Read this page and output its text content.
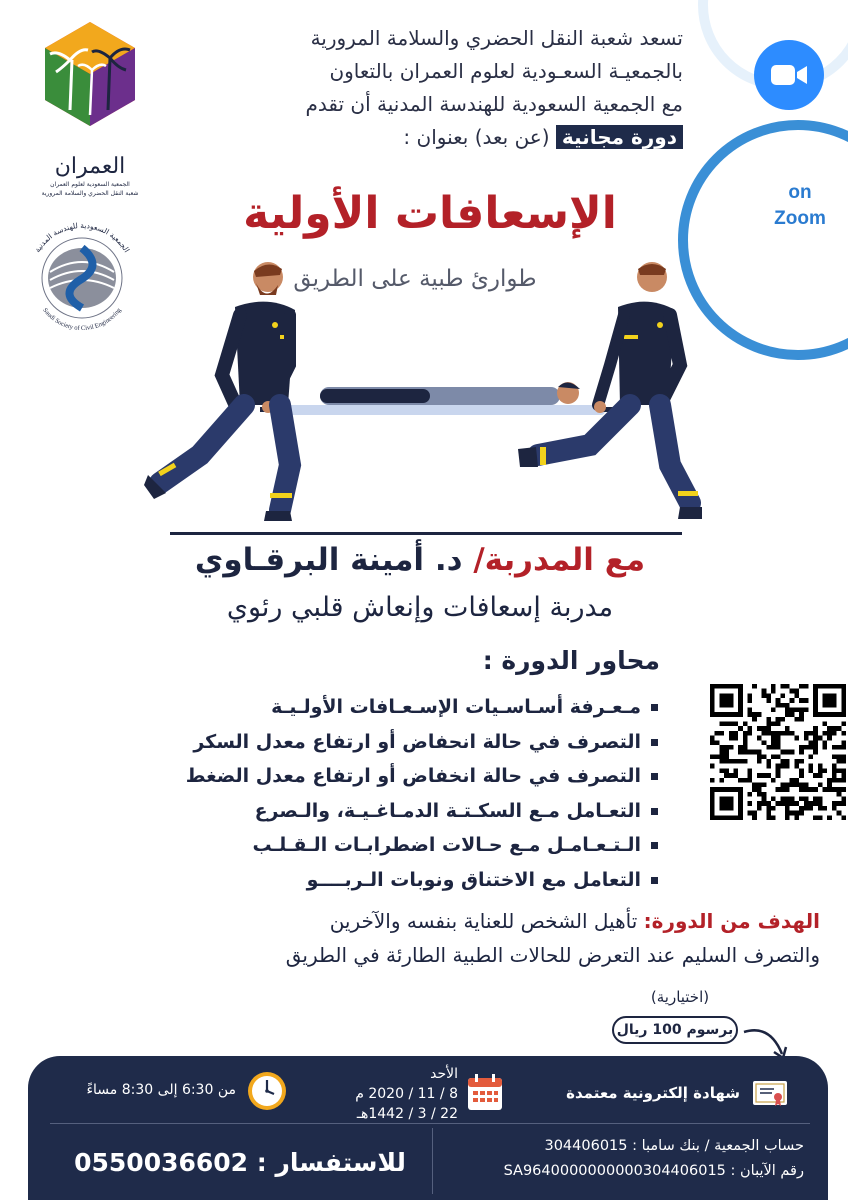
on
Zoom
العمران
الجمعية السعودية لعلوم العمران
شعبة النقل الحضري والسلامة المرورية
الجمعية السعودية للهندسة المدنية
Saudi Society of Civil Engineering
تسعد شعبة النقل الحضري والسلامة المرورية
بالجمعيـة السعـودية لعلوم العمران بالتعاون
مع الجمعية السعودية للهندسة المدنية أن تقدم
دورة مجانية (عن بعد) بعنوان :
الإسعافات الأولية
طوارئ طبية على الطريق
مع المدربة/ د. أمينة البرقـاوي
مدربة إسعافات وإنعاش قلبي رئوي
محاور الدورة :
مـعـرفة أسـاسـيات الإسـعـافات الأولـيـة
التصرف في حالة انحفاض أو ارتفاع معدل السكر
التصرف في حالة انخفاض أو ارتفاع معدل الضغط
التعـامل مـع السكـتـة الدمـاغـيـة، والـصرع
الـتـعـامـل مـع حـالات اضطرابـات الـقـلـب
التعامل مع الاختناق ونوبات الـربــــو
الهدف من الدورة: تأهيل الشخص للعناية بنفسه والآخرين
والتصرف السليم عند التعرض للحالات الطبية الطارئة في الطريق
(اختيارية)
برسوم 100 ريال
شهادة إلكترونية معتمدة
الأحد
8 / 11 / 2020 م
22 / 3 / 1442هـ
من 6:30 إلى 8:30 مساءً
للاستفسار : 0550036602
حساب الجمعية / بنك سامبا : 304406015
رقم الآيبان : SA9640000000000304406015
